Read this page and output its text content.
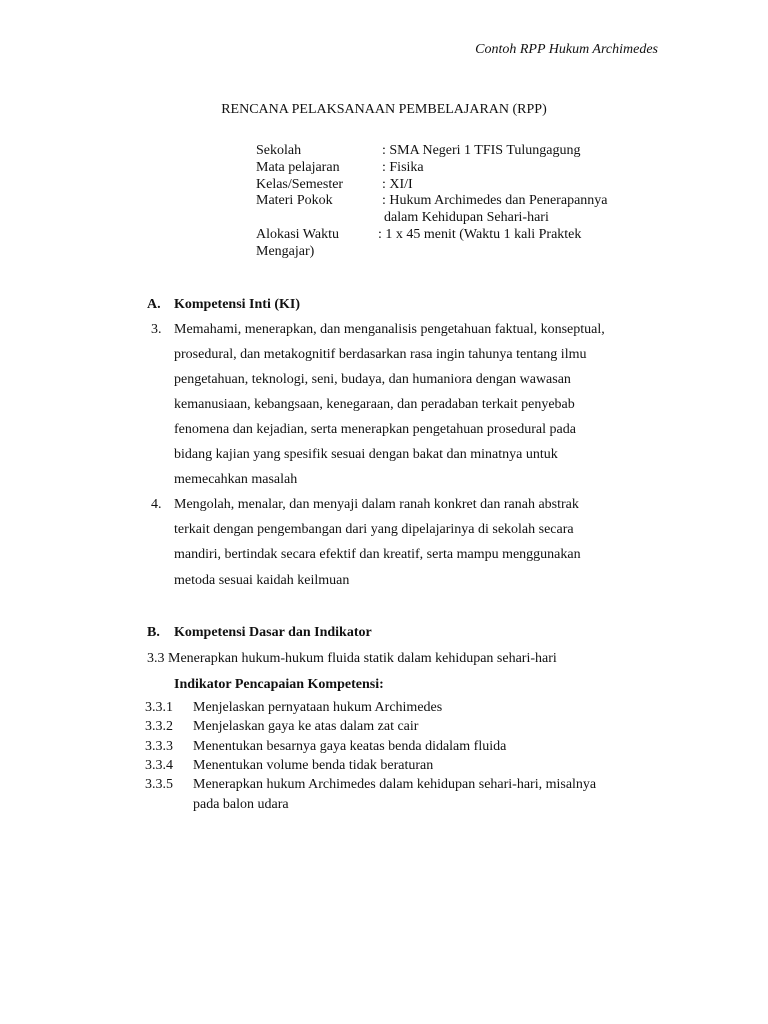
Contoh RPP Hukum Archimedes
RENCANA PELAKSANAAN PEMBELAJARAN (RPP)
Sekolah	: SMA Negeri 1 TFIS Tulungagung
Mata pelajaran	: Fisika
Kelas/Semester	: XI/I
Materi Pokok	: Hukum Archimedes dan Penerapannya
dalam Kehidupan Sehari-hari
Alokasi Waktu	: 1 x 45 menit (Waktu 1 kali Praktek
Mengajar)
A. Kompetensi Inti (KI)
3. Memahami, menerapkan, dan menganalisis pengetahuan faktual, konseptual,
prosedural, dan metakognitif berdasarkan rasa ingin tahunya tentang ilmu
pengetahuan, teknologi, seni, budaya, dan humaniora dengan wawasan
kemanusiaan, kebangsaan, kenegaraan, dan peradaban terkait penyebab
fenomena dan kejadian, serta menerapkan pengetahuan prosedural pada
bidang kajian yang spesifik sesuai dengan bakat dan minatnya untuk
memecahkan masalah
4. Mengolah, menalar, dan menyaji dalam ranah konkret dan ranah abstrak
terkait dengan pengembangan dari yang dipelajarinya di sekolah secara
mandiri, bertindak secara efektif dan kreatif, serta mampu menggunakan
metoda sesuai kaidah keilmuan
B. Kompetensi Dasar dan Indikator
3.3 Menerapkan hukum-hukum fluida statik dalam kehidupan sehari-hari
Indikator Pencapaian Kompetensi:
3.3.1 Menjelaskan pernyataan hukum Archimedes
3.3.2 Menjelaskan gaya ke atas dalam zat cair
3.3.3 Menentukan besarnya gaya keatas benda didalam fluida
3.3.4 Menentukan volume benda tidak beraturan
3.3.5 Menerapkan hukum Archimedes dalam kehidupan sehari-hari, misalnya
pada balon udara
